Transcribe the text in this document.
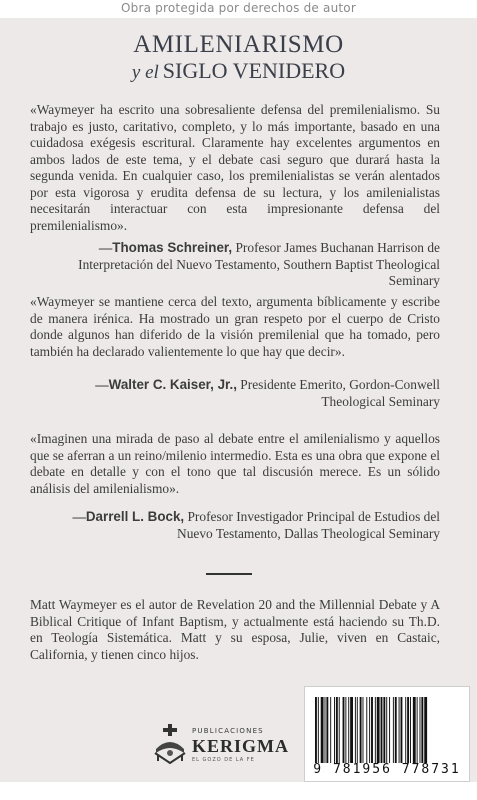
Obra protegida por derechos de autor
AMILENIARISMO
y el SIGLO VENIDERO
«Waymeyer ha escrito una sobresaliente defensa del premilenialismo. Su trabajo es justo, caritativo, completo, y lo más importante, basado en una cuidadosa exégesis escritural. Claramente hay excelentes argumentos en ambos lados de este tema, y el debate casi seguro que durará hasta la segunda venida. En cualquier caso, los premilenialistas se verán alentados por esta vigorosa y erudita defensa de su lectura, y los amilenialistas necesitarán interactuar con esta impresionante defensa del premilenialismo».
—Thomas Schreiner, Profesor James Buchanan Harrison de Interpretación del Nuevo Testamento, Southern Baptist Theological Seminary
«Waymeyer se mantiene cerca del texto, argumenta bíblicamente y escribe de manera irénica. Ha mostrado un gran respeto por el cuerpo de Cristo donde algunos han diferido de la visión premilenial que ha tomado, pero también ha declarado valientemente lo que hay que decir».
—Walter C. Kaiser, Jr., Presidente Emerito, Gordon-Conwell Theological Seminary
«Imaginen una mirada de paso al debate entre el amilenialismo y aquellos que se aferran a un reino/milenio intermedio. Esta es una obra que expone el debate en detalle y con el tono que tal discusión merece. Es un sólido análisis del amilenialismo».
—Darrell L. Bock, Profesor Investigador Principal de Estudios del Nuevo Testamento, Dallas Theological Seminary
Matt Waymeyer es el autor de Revelation 20 and the Millennial Debate y A Biblical Critique of Infant Baptism, y actualmente está haciendo su Th.D. en Teología Sistemática. Matt y su esposa, Julie, viven en Castaic, California, y tienen cinco hijos.
PUBLICACIONES
KERIGMA
EL GOZO DE LA FE
9 781956 778731
